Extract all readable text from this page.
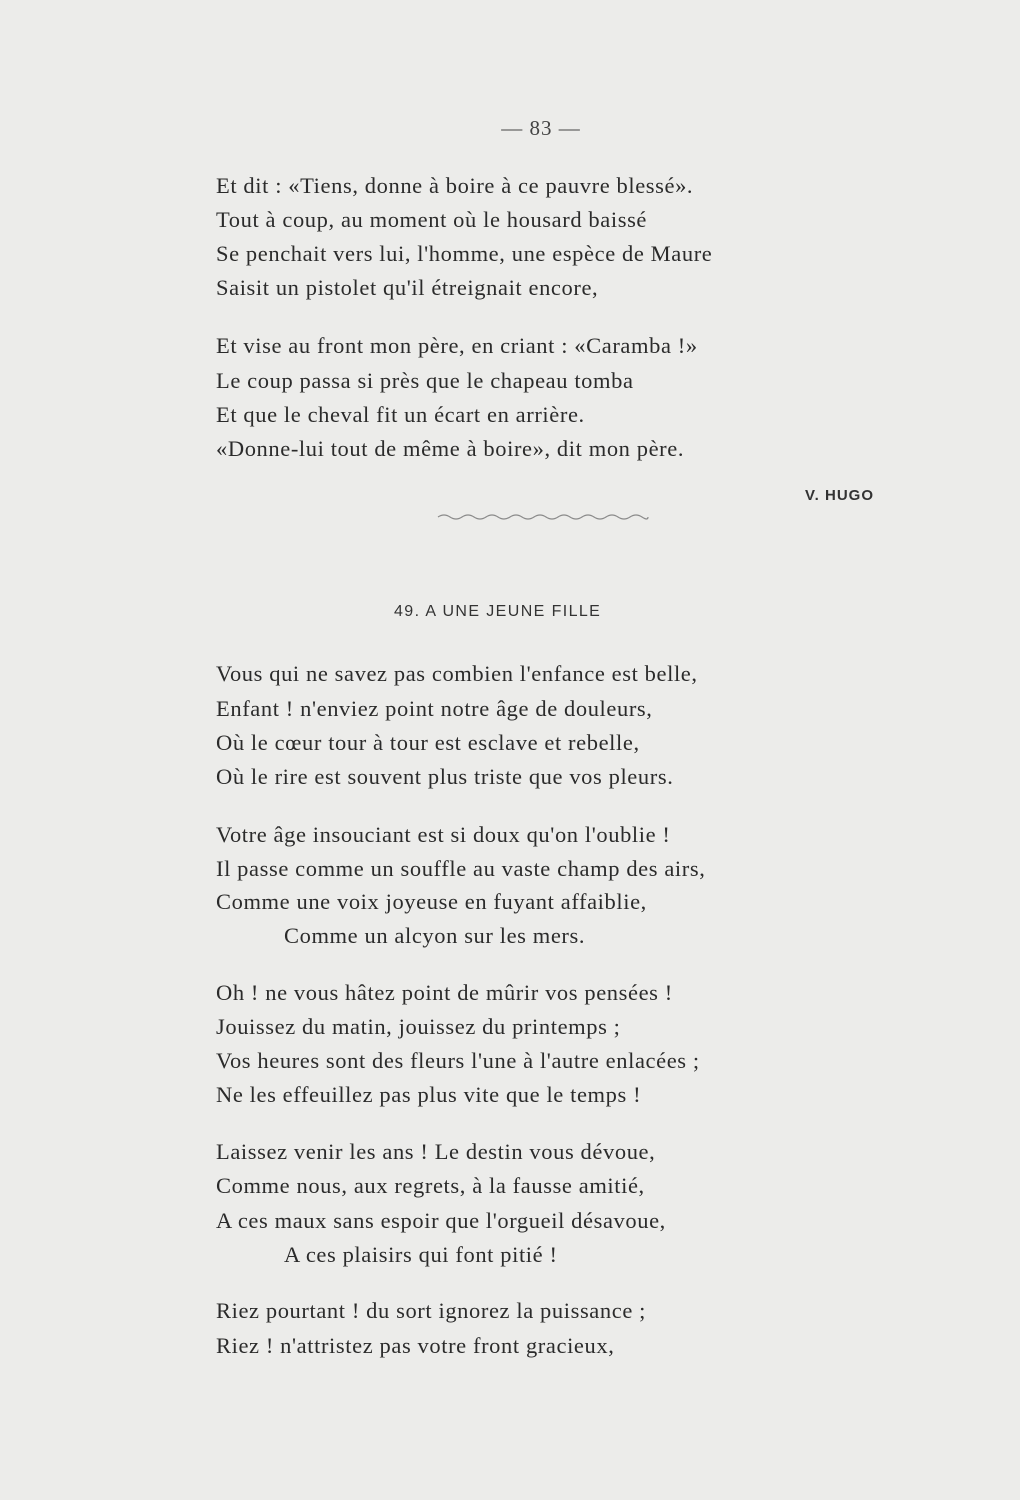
— 83 —
Et dit : «Tiens, donne à boire à ce pauvre blessé».
Tout à coup, au moment où le housard baissé
Se penchait vers lui, l'homme, une espèce de Maure
Saisit un pistolet qu'il étreignait encore,
Et vise au front mon père, en criant : «Caramba !»
Le coup passa si près que le chapeau tomba
Et que le cheval fit un écart en arrière.
«Donne-lui tout de même à boire», dit mon père.
V. HUGO
49. A UNE JEUNE FILLE
Vous qui ne savez pas combien l'enfance est belle,
Enfant ! n'enviez point notre âge de douleurs,
Où le cœur tour à tour est esclave et rebelle,
Où le rire est souvent plus triste que vos pleurs.
Votre âge insouciant est si doux qu'on l'oublie !
Il passe comme un souffle au vaste champ des airs,
Comme une voix joyeuse en fuyant affaiblie,
Comme un alcyon sur les mers.
Oh ! ne vous hâtez point de mûrir vos pensées !
Jouissez du matin, jouissez du printemps ;
Vos heures sont des fleurs l'une à l'autre enlacées ;
Ne les effeuillez pas plus vite que le temps !
Laissez venir les ans ! Le destin vous dévoue,
Comme nous, aux regrets, à la fausse amitié,
A ces maux sans espoir que l'orgueil désavoue,
A ces plaisirs qui font pitié !
Riez pourtant ! du sort ignorez la puissance ;
Riez ! n'attristez pas votre front gracieux,
